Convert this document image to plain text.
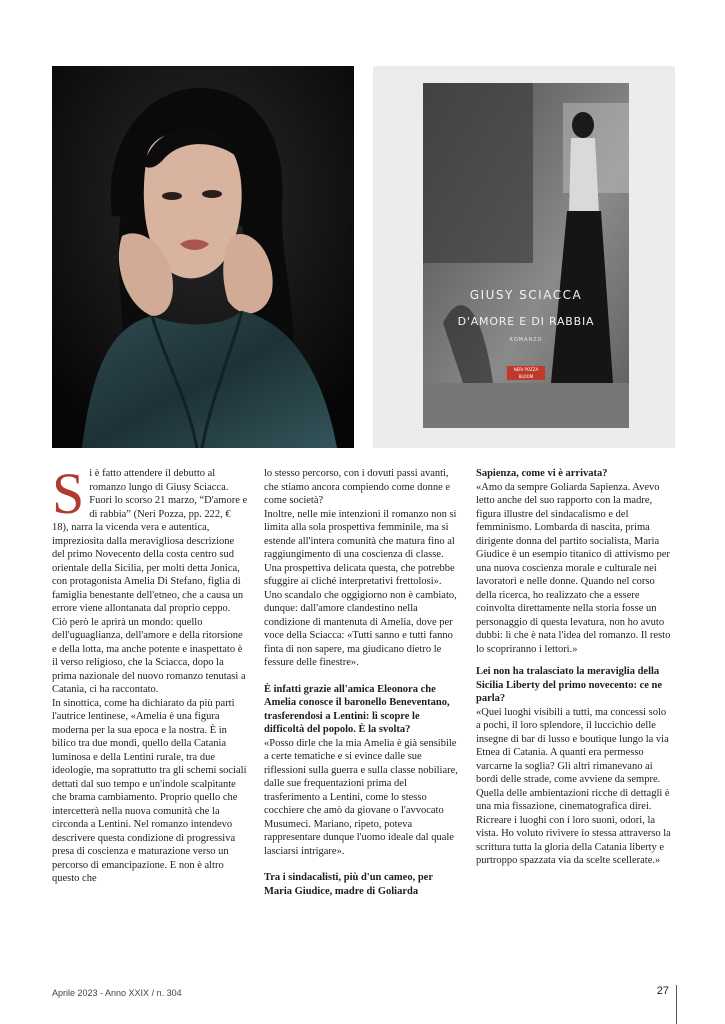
GIUSY SCIACCA
D'AMORE E DI RABBIA
ROMANZO
NERI POZZA BLOOM

Si è fatto attendere il debutto al romanzo lungo di Giusy Sciacca. Fuori lo scorso 21 marzo, “D'amore e di rabbia” (Neri Pozza, pp. 222, € 18), narra la vicenda vera e autentica, impreziosita dalla meravigliosa descrizione del primo Novecento della costa centro sud orientale della Sicilia, per molti detta Jonica, con protagonista Amelia Di Stefano, figlia di famiglia benestante dell'etneo, che a causa un errore viene allontanata dal proprio ceppo.

Ciò però le aprirà un mondo: quello dell'uguaglianza, dell'amore e della ritorsione e della lotta, ma anche potente e inaspettato è il verso religioso, che la Sciacca, dopo la prima nazionale del nuovo romanzo tenutasi a Catania, ci ha raccontato.

In sinottica, come ha dichiarato da più parti l'autrice lentinese, «Amelia è una figura moderna per la sua epoca e la nostra. È in bilico tra due mondi, quello della Catania luminosa e della Lentini rurale, tra due ideologie, ma soprattutto tra gli schemi sociali dettati dal suo tempo e un'indole scalpitante che brama cambiamento. Proprio quello che intercetterà nella nuova comunità che la circonda a Lentini. Nel romanzo intendevo descrivere questa condizione di progressiva presa di coscienza e maturazione verso un percorso di emancipazione. E non è altro questo che

lo stesso percorso, con i dovuti passi avanti, che stiamo ancora compiendo come donne e come società?

Inoltre, nelle mie intenzioni il romanzo non si limita alla sola prospettiva femminile, ma si estende all'intera comunità che matura fino al raggiungimento di una coscienza di classe. Una prospettiva delicata questa, che potrebbe sfuggire ai cliché interpretativi frettolosi».

Uno scandalo che oggigiorno non è cambiato, dunque: dall'amore clandestino nella condizione di mantenuta di Amelia, dove per voce della Sciacca: «Tutti sanno e tutti fanno finta di non sapere, ma giudicano dietro le fessure delle finestre».

È infatti grazie all'amica Eleonora che Amelia conosce il baronello Beneventano, trasferendosi a Lentini: lì scopre le difficoltà del popolo. È la svolta?

«Posso dirle che la mia Amelia è già sensibile a certe tematiche e si evince dalle sue riflessioni sulla guerra e sulla classe nobiliare, dalle sue frequentazioni prima del trasferimento a Lentini, come lo stesso cocchiere che amò da giovane o l'avvocato Musumeci. Mariano, ripeto, poteva rappresentare dunque l'uomo ideale dal quale lasciarsi intrigare».

Tra i sindacalisti, più d'un cameo, per Maria Giudice, madre di Goliarda

Sapienza, come vi è arrivata?

«Amo da sempre Goliarda Sapienza. Avevo letto anche del suo rapporto con la madre, figura illustre del sindacalismo e del femminismo. Lombarda di nascita, prima dirigente donna del partito socialista, Maria Giudice è un esempio titanico di attivismo per una nuova coscienza morale e culturale nei lavoratori e nelle donne. Quando nel corso della ricerca, ho realizzato che a essere coinvolta direttamente nella storia fosse un personaggio di questa levatura, non ho avuto dubbi: lì che è nata l'idea del romanzo. Il resto lo scopriranno i lettori.»

Lei non ha tralasciato la meraviglia della Sicilia Liberty del primo novecento: ce ne parla?

«Quei luoghi visibili a tutti, ma concessi solo a pochi, il loro splendore, il luccichio delle insegne di bar di lusso e boutique lungo la via Etnea di Catania. A quanti era permesso varcarne la soglia? Gli altri rimanevano ai bordi delle strade, come avviene da sempre. Quella delle ambientazioni ricche di dettagli è una mia fissazione, cinematografica direi. Ricreare i luoghi con i loro suoni, odori, la vista. Ho voluto rivivere io stessa attraverso la scrittura tutta la gloria della Catania liberty e purtroppo spazzata via da scelte scellerate.»

Aprile 2023 - Anno XXIX / n. 304	27
